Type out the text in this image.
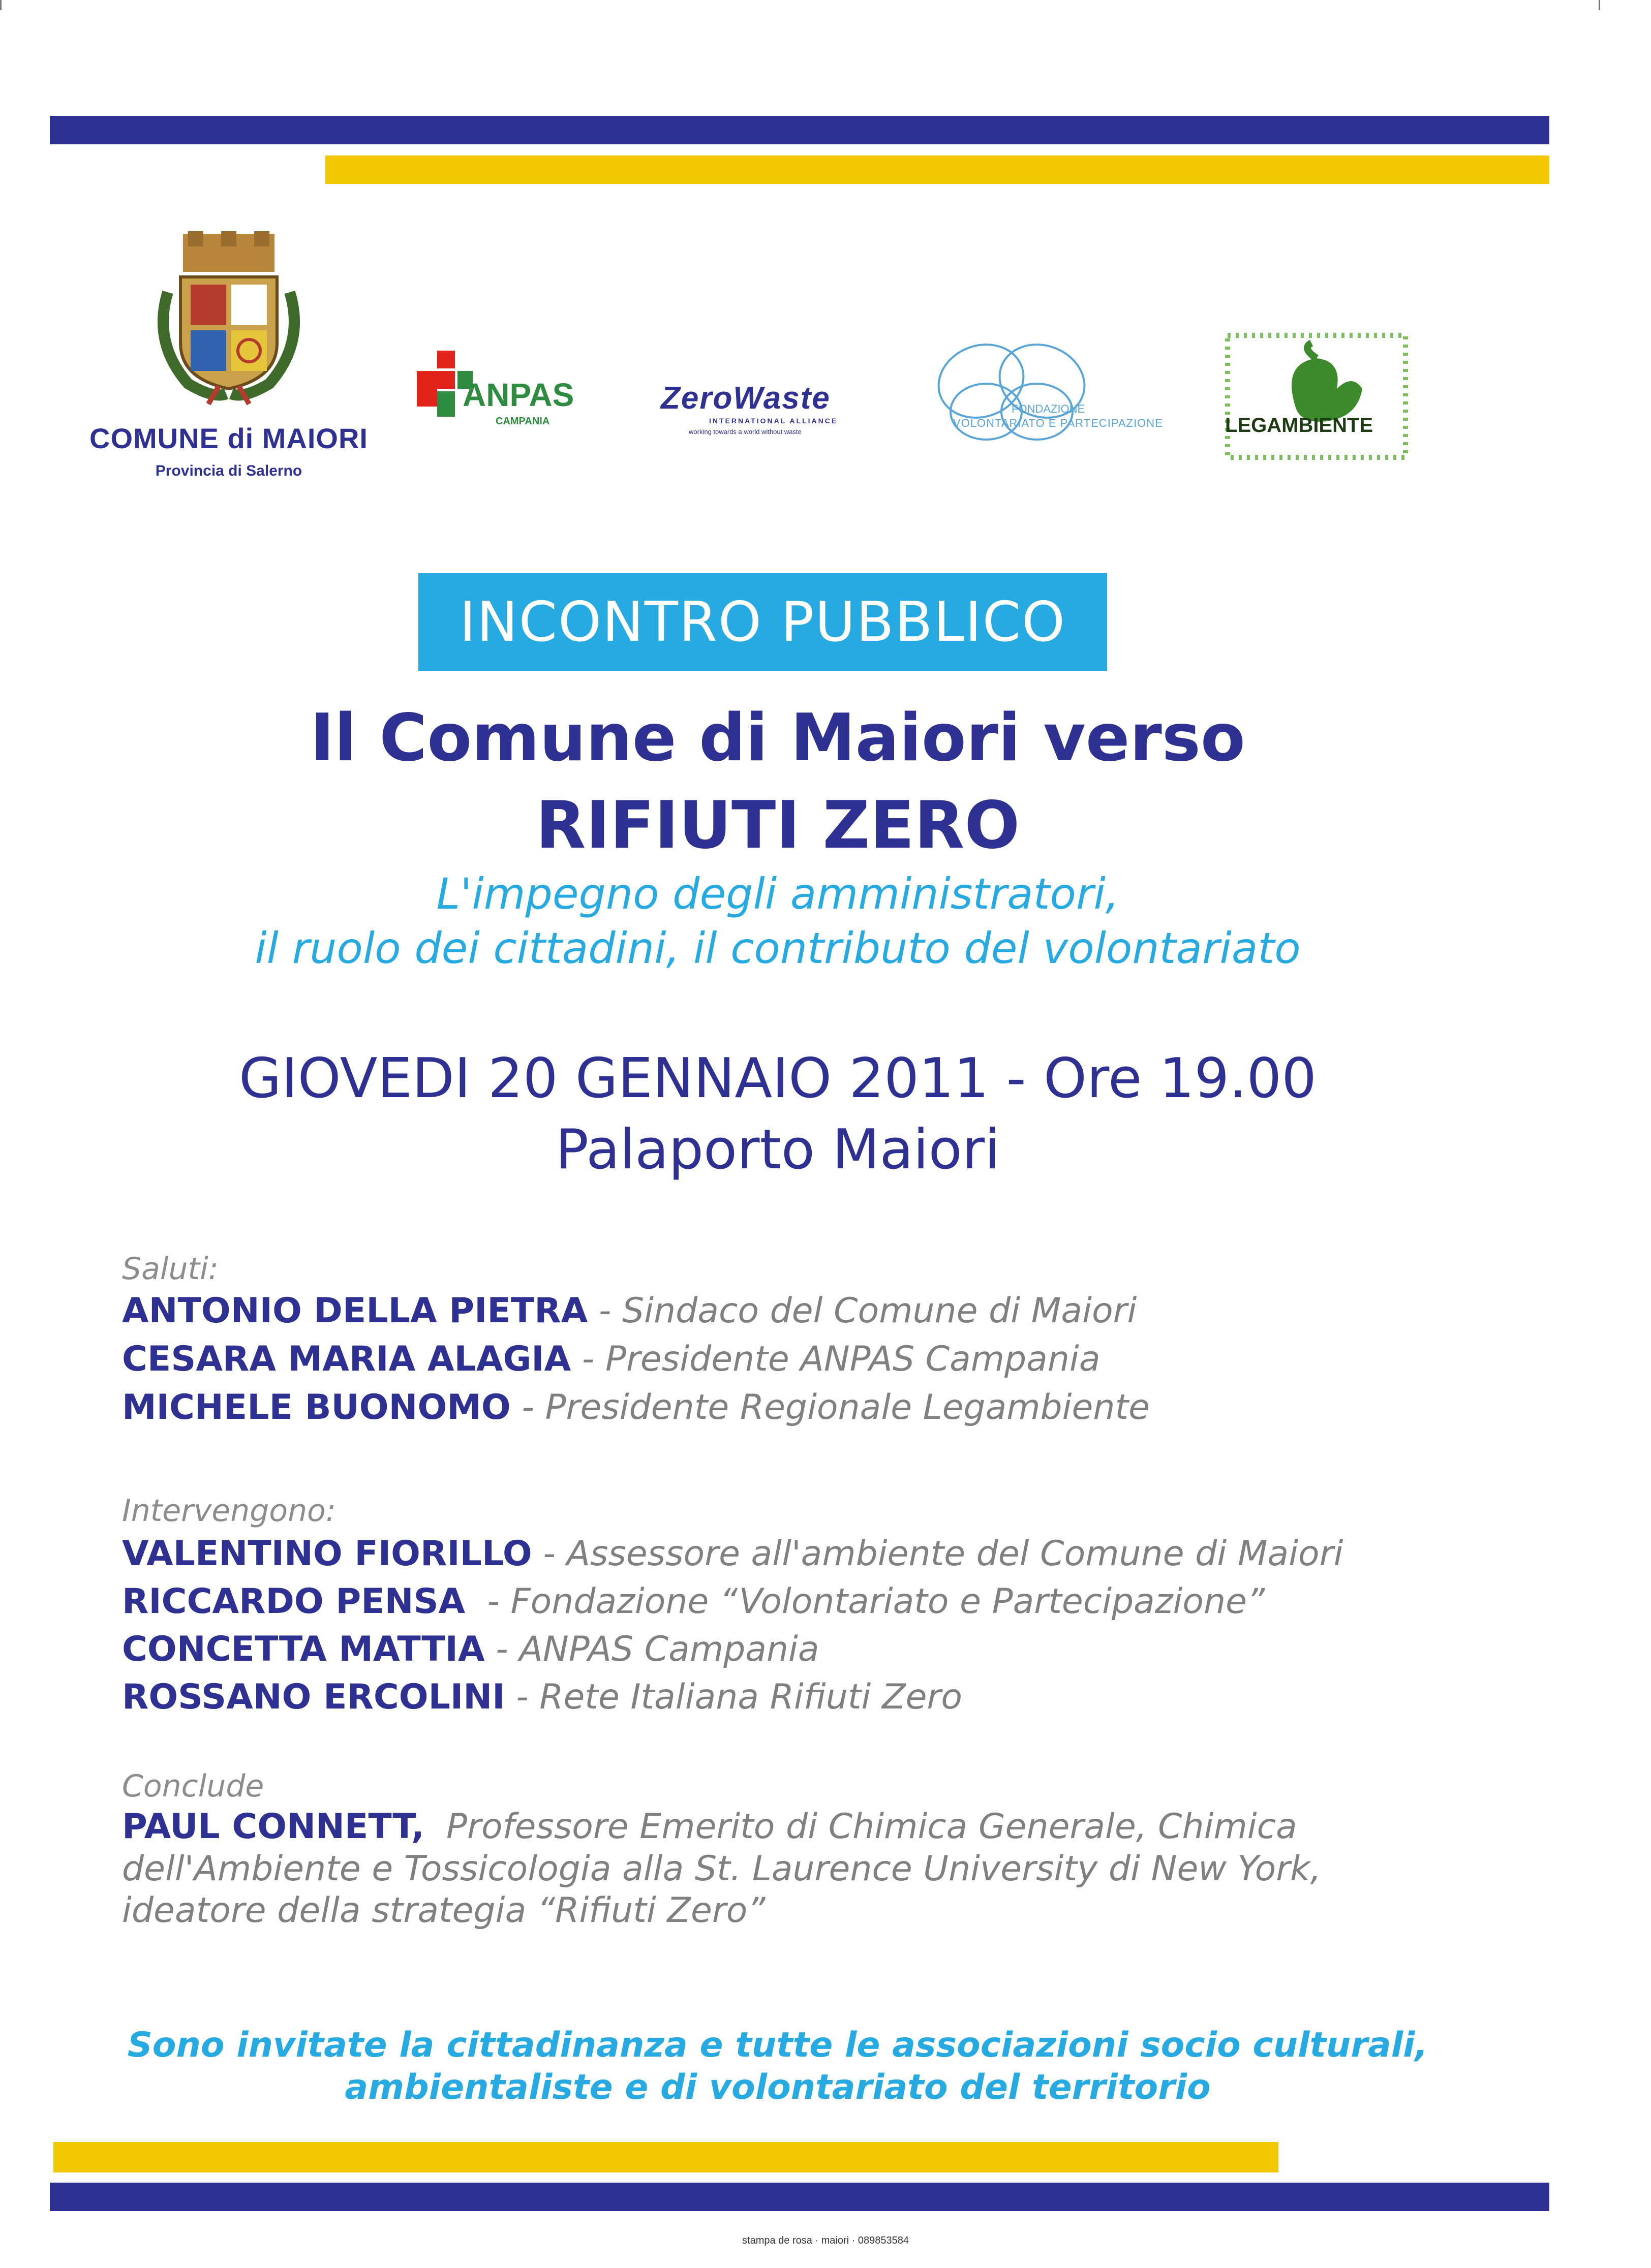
COMUNE di MAIORI
Provincia di Salerno
ANPAS
CAMPANIA
ZeroWaste
INTERNATIONAL ALLIANCE
working towards a world without waste
FONDAZIONE
VOLONTARIATO E PARTECIPAZIONE	LEGAMBIENTE
INCONTRO PUBBLICO
Il Comune di Maiori verso
RIFIUTI ZERO
L'impegno degli amministratori,
il ruolo dei cittadini, il contributo del volontariato
GIOVEDI 20 GENNAIO 2011 - Ore 19.00
Palaporto Maiori
Saluti:
ANTONIO DELLA PIETRA - Sindaco del Comune di Maiori
CESARA MARIA ALAGIA - Presidente ANPAS Campania
MICHELE BUONOMO - Presidente Regionale Legambiente
Intervengono:
VALENTINO FIORILLO - Assessore all'ambiente del Comune di Maiori
RICCARDO PENSA  - Fondazione “Volontariato e Partecipazione”
CONCETTA MATTIA - ANPAS Campania
ROSSANO ERCOLINI - Rete Italiana Rifiuti Zero
Conclude
PAUL CONNETT,  Professore Emerito di Chimica Generale, Chimica
dell'Ambiente e Tossicologia alla St. Laurence University di New York,
ideatore della strategia “Rifiuti Zero”
Sono invitate la cittadinanza e tutte le associazioni socio culturali,
ambientaliste e di volontariato del territorio
stampa de rosa · maiori · 089853584
